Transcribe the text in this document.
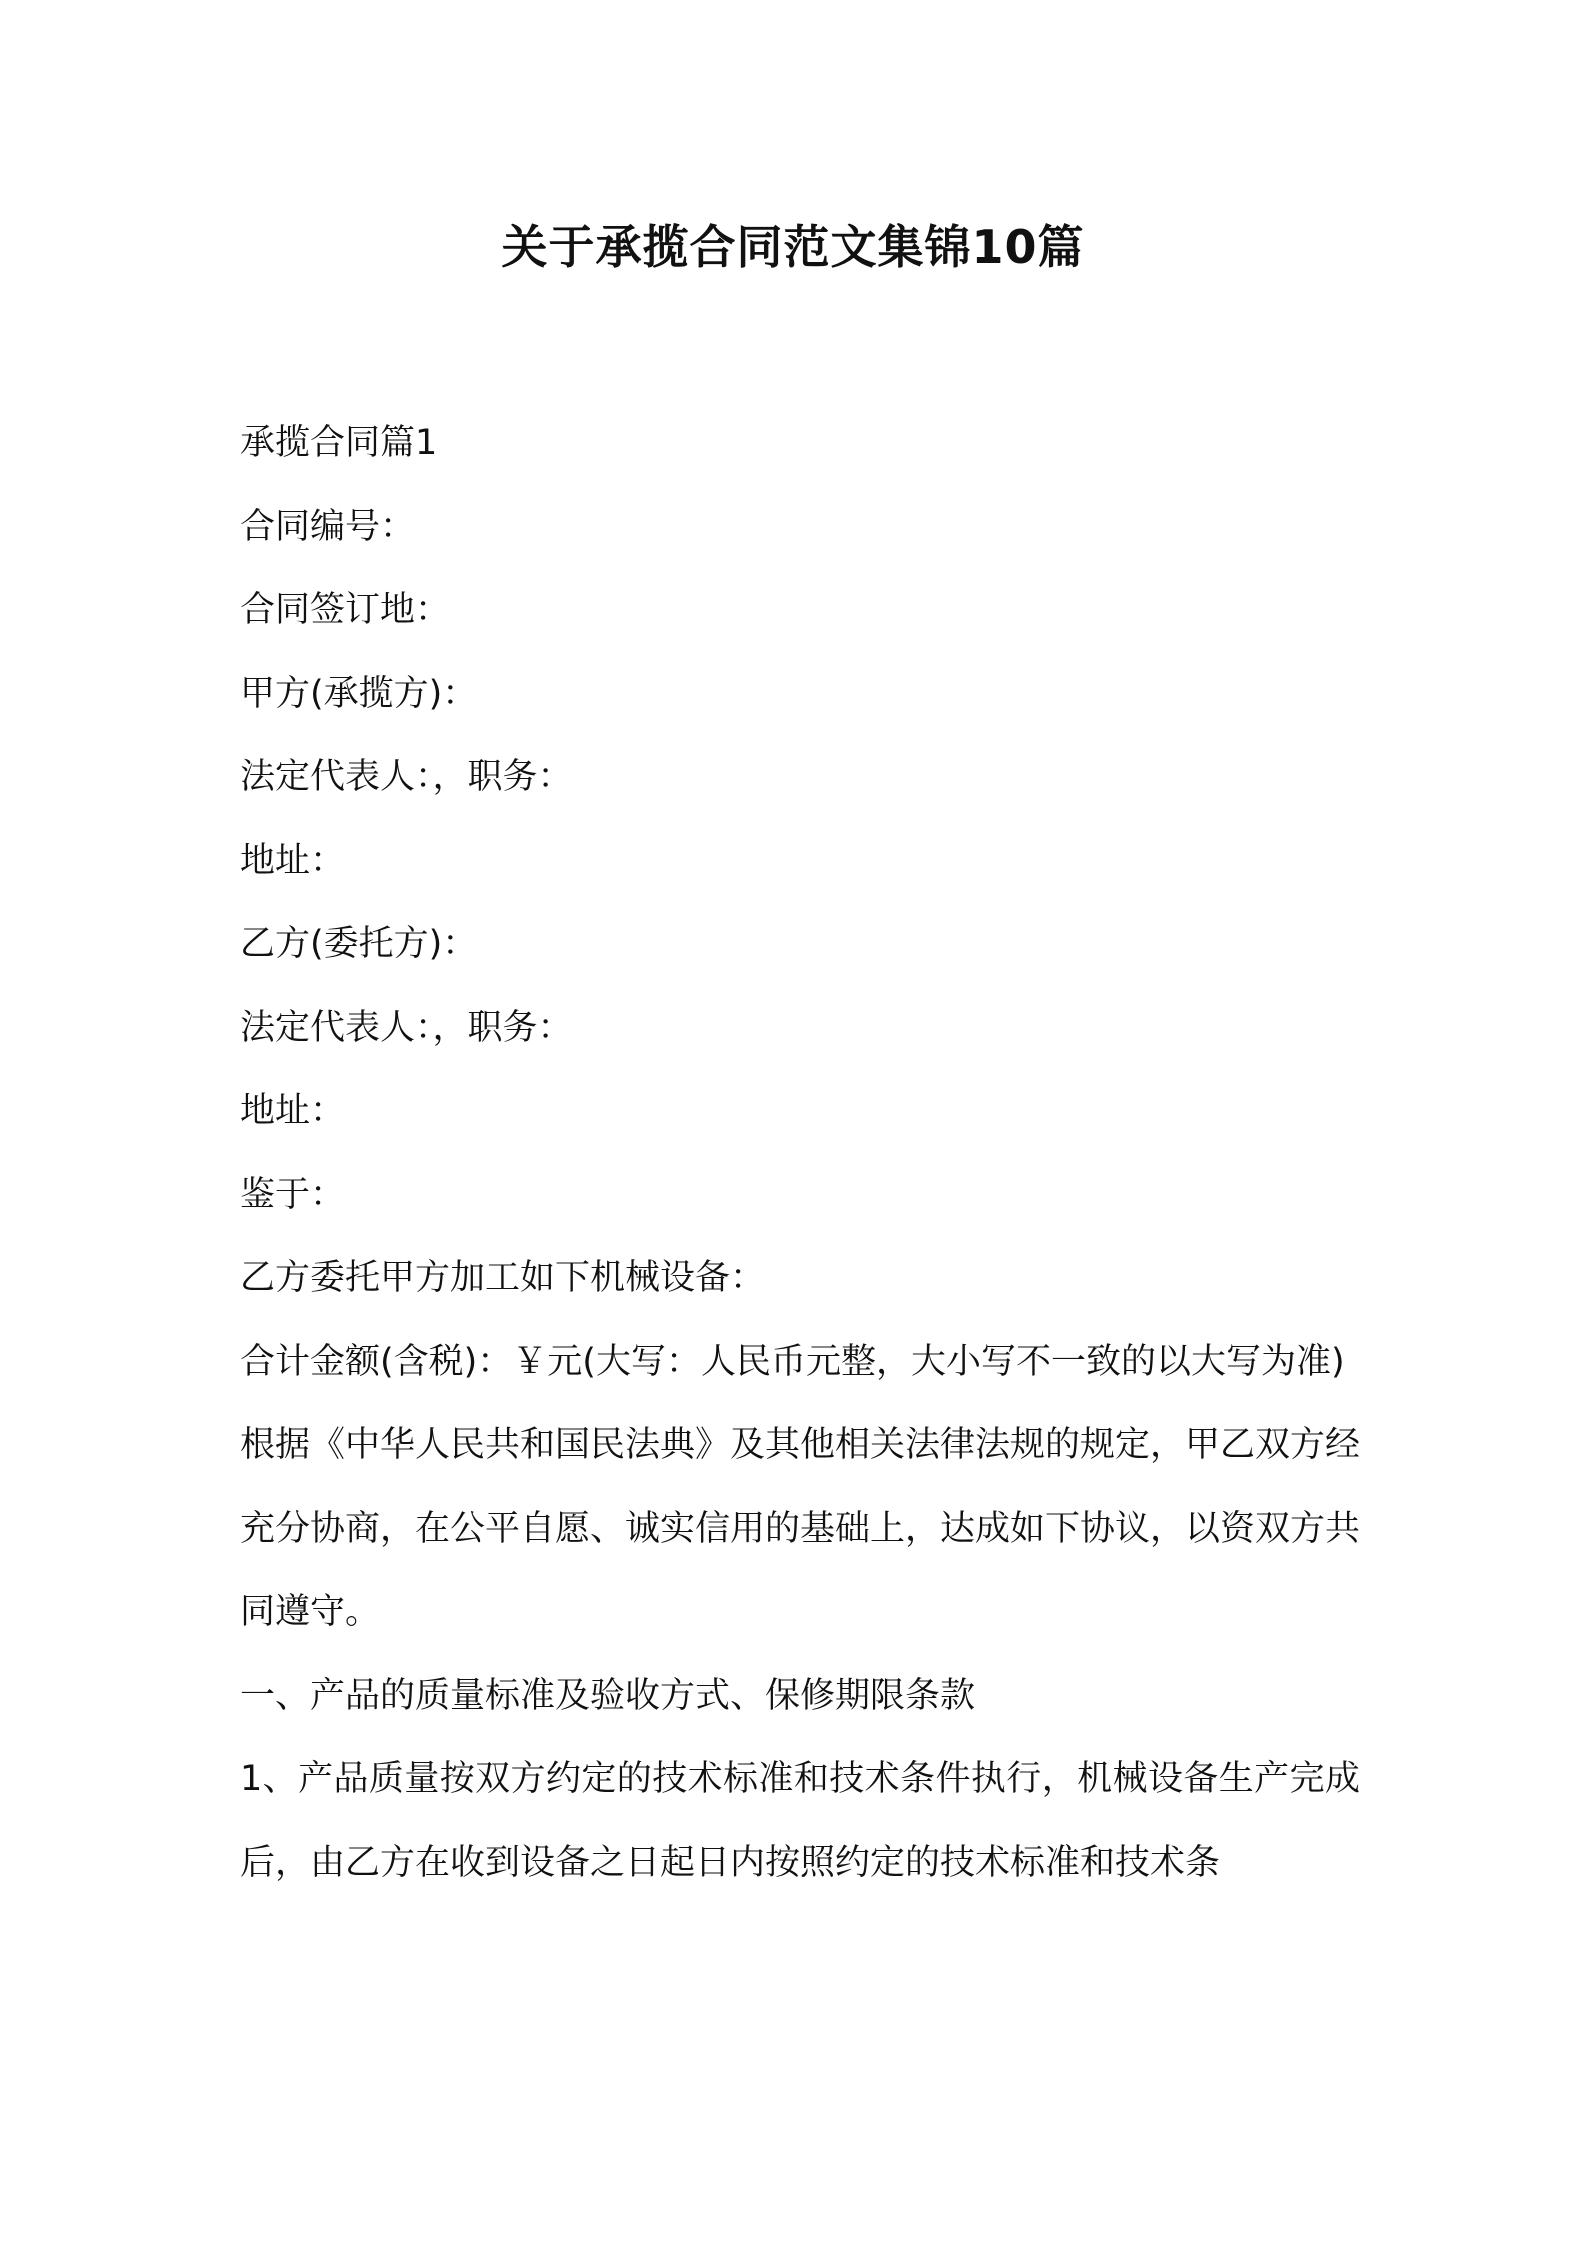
关于承揽合同范文集锦10篇

承揽合同篇1

合同编号：

合同签订地：

甲方(承揽方)：

法定代表人：，职务：

地址：

乙方(委托方)：

法定代表人：，职务：

地址：

鉴于：

乙方委托甲方加工如下机械设备：

合计金额(含税)：￥元(大写：人民币元整，大小写不一致的以大写为准)

根据《中华人民共和国民法典》及其他相关法律法规的规定，甲乙双方经充分协商，在公平自愿、诚实信用的基础上，达成如下协议，以资双方共同遵守。

一、产品的质量标准及验收方式、保修期限条款

1、产品质量按双方约定的技术标准和技术条件执行，机械设备生产完成后，由乙方在收到设备之日起日内按照约定的技术标准和技术条
